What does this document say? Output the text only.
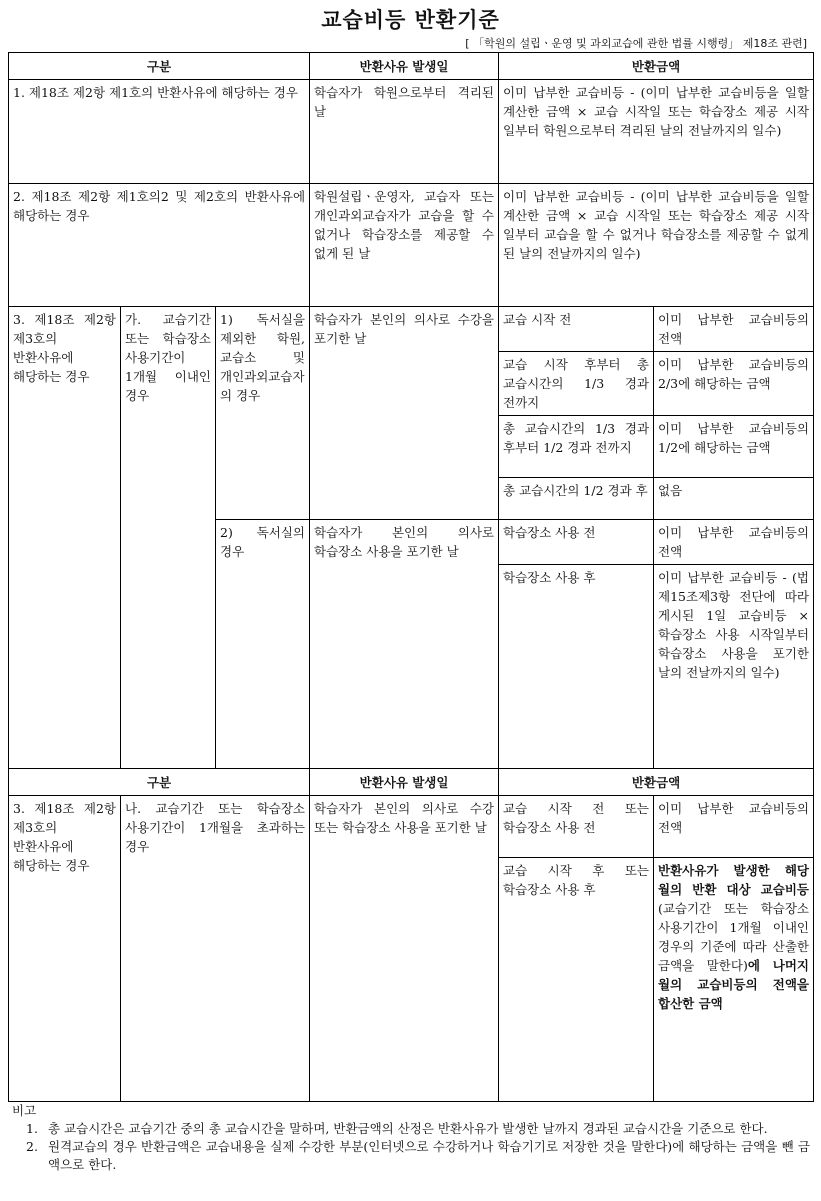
교습비등 반환기준
[ 「학원의 설립ㆍ운영 및 과외교습에 관한 법률 시행령」 제18조 관련]
구분			반환사유 발생일	반환금액	
1. 제18조 제2항 제1호의 반환사유에 해당하는 경우			학습자가 학원으로부터 격리된 날	이미 납부한 교습비등 - (이미 납부한 교습비등을 일할 계산한 금액 × 교습 시작일 또는 학습장소 제공 시작 일부터 학원으로부터 격리된 날의 전날까지의 일수)	
2. 제18조 제2항 제1호의2 및 제2호의 반환사유에 해당하는 경우			학원설립ㆍ운영자, 교습자 또는 개인과외교습자가 교습을 할 수 없거나 학습장소를 제공할 수 없게 된 날	이미 납부한 교습비등 - (이미 납부한 교습비등을 일할 계산한 금액 × 교습 시작일 또는 학습장소 제공 시작 일부터 교습을 할 수 없거나 학습장소를 제공할 수 없게 된 날의 전날까지의 일수)	
3. 제18조 제2항 제3호의 반환사유에 해당하는 경우	가. 교습기간 또는 학습장소 사용기간이 1개월 이내인 경우	1) 독서실을 제외한 학원, 교습소 및 개인과외교습자의 경우	학습자가 본인의 의사로 수강을 포기한 날	교습 시작 전	이미 납부한 교습비등의 전액
				교습 시작 후부터 총 교습시간의 1/3 경과 전까지	이미 납부한 교습비등의 2/3에 해당하는 금액
				총 교습시간의 1/3 경과 후부터 1/2 경과 전까지	이미 납부한 교습비등의 1/2에 해당하는 금액
				총 교습시간의 1/2 경과 후	없음
		2) 독서실의 경우	학습자가 본인의 의사로 학습장소 사용을 포기한 날	학습장소 사용 전	이미 납부한 교습비등의 전액
				학습장소 사용 후	이미 납부한 교습비등 - (법 제15조제3항 전단에 따라 게시된 1일 교습비등 × 학습장소 사용 시작일부터 학습장소 사용을 포기한 날의 전날까지의 일수)
구분			반환사유 발생일	반환금액	
3. 제18조 제2항 제3호의 반환사유에 해당하는 경우	나. 교습기간 또는 학습장소 사용기간이 1개월을 초과하는 경우		학습자가 본인의 의사로 수강 또는 학습장소 사용을 포기한 날	교습 시작 전 또는 학습장소 사용 전	이미 납부한 교습비등의 전액
				교습 시작 후 또는 학습장소 사용 후	반환사유가 발생한 해당 월의 반환 대상 교습비등(교습기간 또는 학습장소 사용기간이 1개월 이내인 경우의 기준에 따라 산출한 금액을 말한다)에 나머지 월의 교습비등의 전액을 합산한 금액
비고
1. 총 교습시간은 교습기간 중의 총 교습시간을 말하며, 반환금액의 산정은 반환사유가 발생한 날까지 경과된 교습시간을 기준으로 한다.
2. 원격교습의 경우 반환금액은 교습내용을 실제 수강한 부분(인터넷으로 수강하거나 학습기기로 저장한 것을 말한다)에 해당하는 금액을 뺀 금액으로 한다.
